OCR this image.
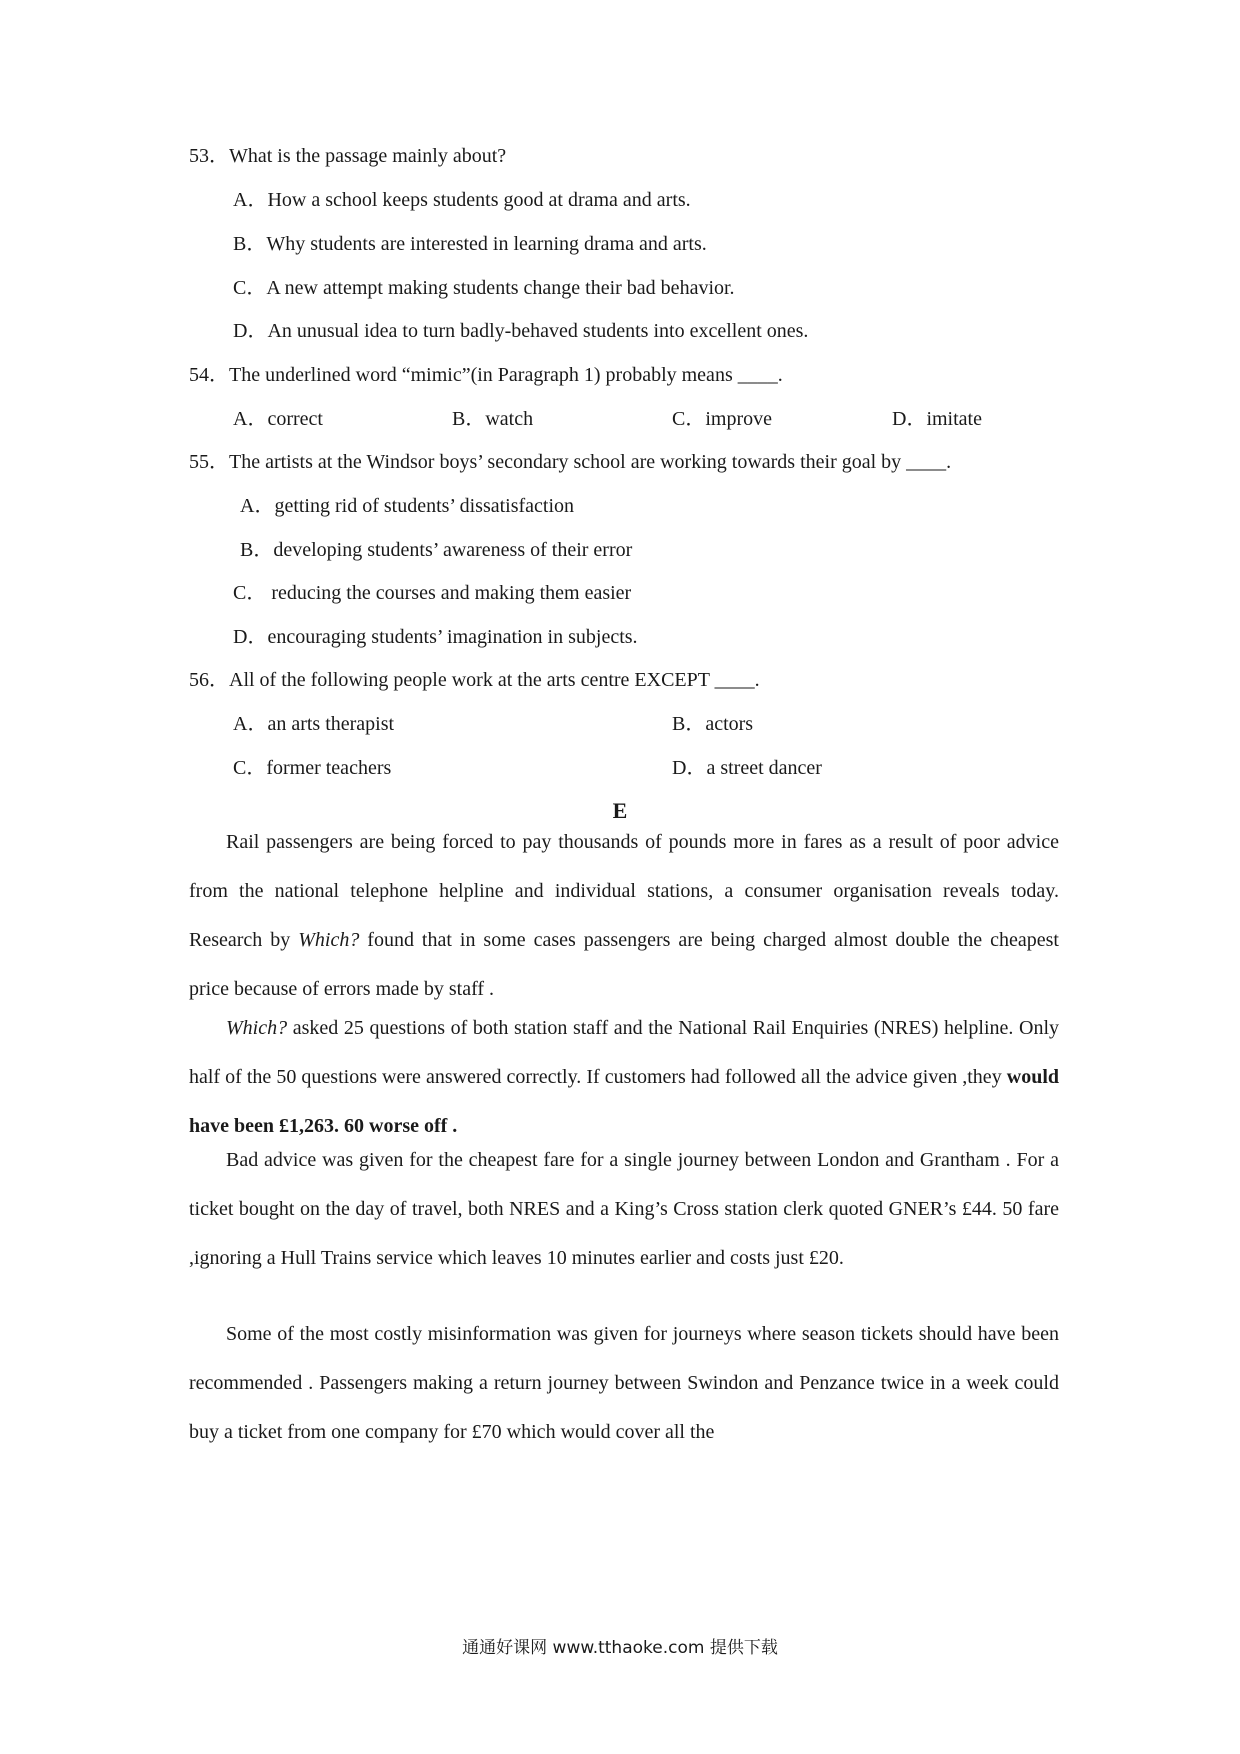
53．What is the passage mainly about?
A．How a school keeps students good at drama and arts.
B．Why students are interested in learning drama and arts.
C．A new attempt making students change their bad behavior.
D．An unusual idea to turn badly-behaved students into excellent ones.
54．The underlined word “mimic”(in Paragraph 1) probably means ____.
A．correct	B．watch	C．improve	D．imitate
55．The artists at the Windsor boys’ secondary school are working towards their goal by ____.
A．getting rid of students’ dissatisfaction
B．developing students’ awareness of their error
C． reducing the courses and making them easier
D．encouraging students’ imagination in subjects.
56．All of the following people work at the arts centre EXCEPT ____.
A．an arts therapist	B．actors
C．former teachers	D．a street dancer
E
Rail passengers are being forced to pay thousands of pounds more in fares as a result of poor advice from the national telephone helpline and individual stations, a consumer organisation reveals today. Research by Which? found that in some cases passengers are being charged almost double the cheapest price because of errors made by staff .
Which? asked 25 questions of both station staff and the National Rail Enquiries (NRES) helpline. Only half of the 50 questions were answered correctly. If customers had followed all the advice given ,they would have been £1,263. 60 worse off .
Bad advice was given for the cheapest fare for a single journey between London and Grantham . For a ticket bought on the day of travel, both NRES and a King’s Cross station clerk quoted GNER’s £44. 50 fare ,ignoring a Hull Trains service which leaves 10 minutes earlier and costs just £20.
Some of the most costly misinformation was given for journeys where season tickets should have been recommended . Passengers making a return journey between Swindon and Penzance twice in a week could buy a ticket from one company for £70 which would cover all the
通通好课网 www.tthaoke.com 提供下载
